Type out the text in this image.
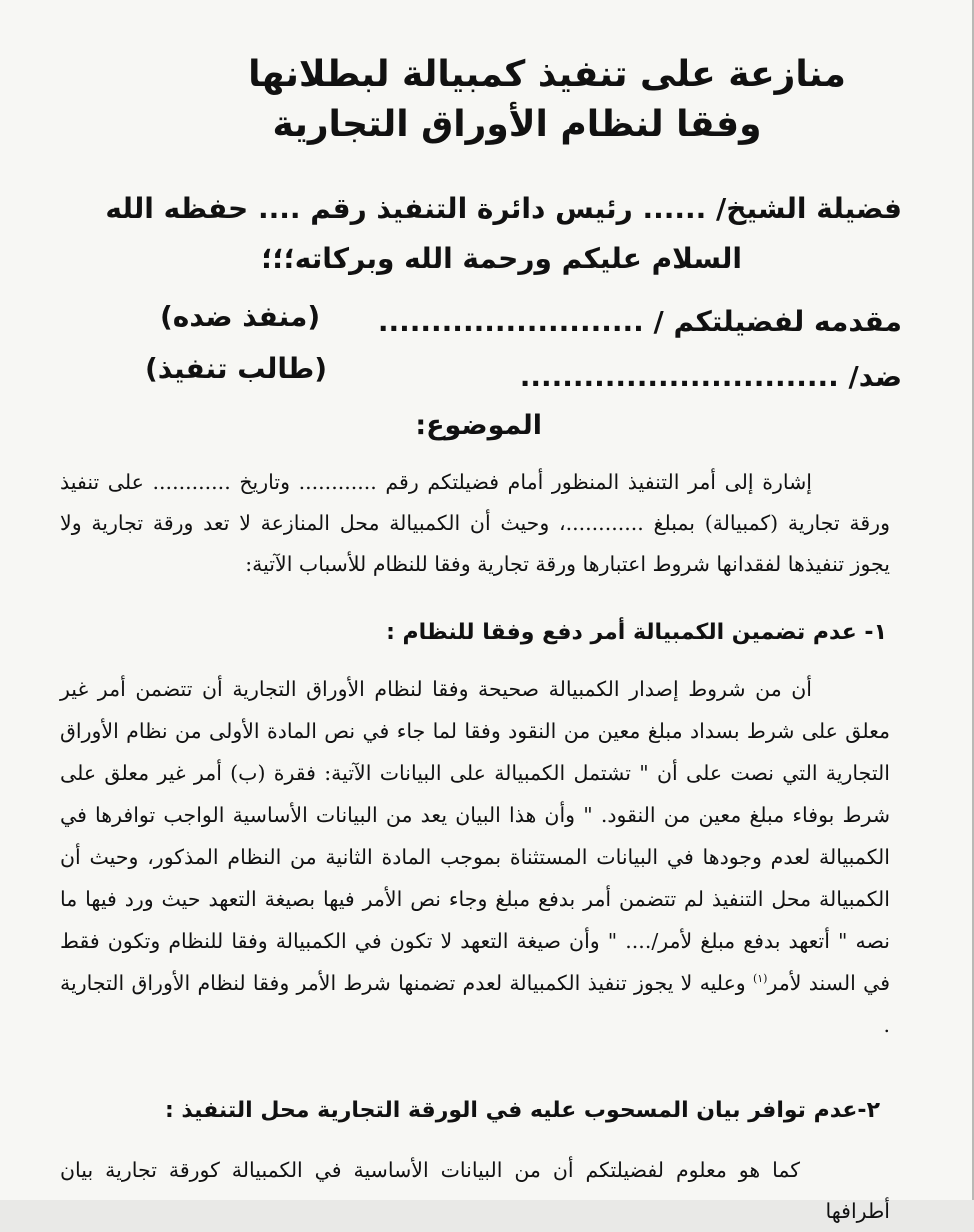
منازعة على تنفيذ كمبيالة لبطلانها
وفقا لنظام الأوراق التجارية
فضيلة الشيخ/ ...... رئيس دائرة التنفيذ رقم .... حفظه الله
السلام عليكم ورحمة الله وبركاته؛؛؛
مقدمه لفضيلتكم / .........................
(منفذ ضده)
ضد/ ..............................
(طالب تنفيذ)
الموضوع:
إشارة إلى أمر التنفيذ المنظور أمام فضيلتكم رقم ............ وتاريخ ............ على تنفيذ ورقة تجارية (كمبيالة) بمبلغ ............، وحيث أن الكمبيالة محل المنازعة لا تعد ورقة تجارية ولا يجوز تنفيذها لفقدانها شروط اعتبارها ورقة تجارية وفقا للنظام للأسباب الآتية:
١- عدم تضمين الكمبيالة أمر دفع وفقا للنظام :
أن من شروط إصدار الكمبيالة صحيحة وفقا لنظام الأوراق التجارية أن تتضمن أمر غير معلق على شرط بسداد مبلغ معين من النقود وفقا لما جاء في نص المادة الأولى من نظام الأوراق التجارية التي نصت على أن " تشتمل الكمبيالة على البيانات الآتية: فقرة (ب) أمر غير معلق على شرط بوفاء مبلغ معين من النقود. " وأن هذا البيان يعد من البيانات الأساسية الواجب توافرها في الكمبيالة لعدم وجودها في البيانات المستثناة بموجب المادة الثانية من النظام المذكور، وحيث أن الكمبيالة محل التنفيذ لم تتضمن أمر بدفع مبلغ وجاء نص الأمر فيها بصيغة التعهد حيث ورد فيها ما نصه " أتعهد بدفع مبلغ لأمر/.... " وأن صيغة التعهد لا تكون في الكمبيالة وفقا للنظام وتكون فقط في السند لأمر$^{(١)}$ وعليه لا يجوز تنفيذ الكمبيالة لعدم تضمنها شرط الأمر وفقا لنظام الأوراق التجارية .
٢-عدم توافر بيان المسحوب عليه في الورقة التجارية محل التنفيذ :
كما هو معلوم لفضيلتكم أن من البيانات الأساسية في الكمبيالة كورقة تجارية بيان أطرافها
